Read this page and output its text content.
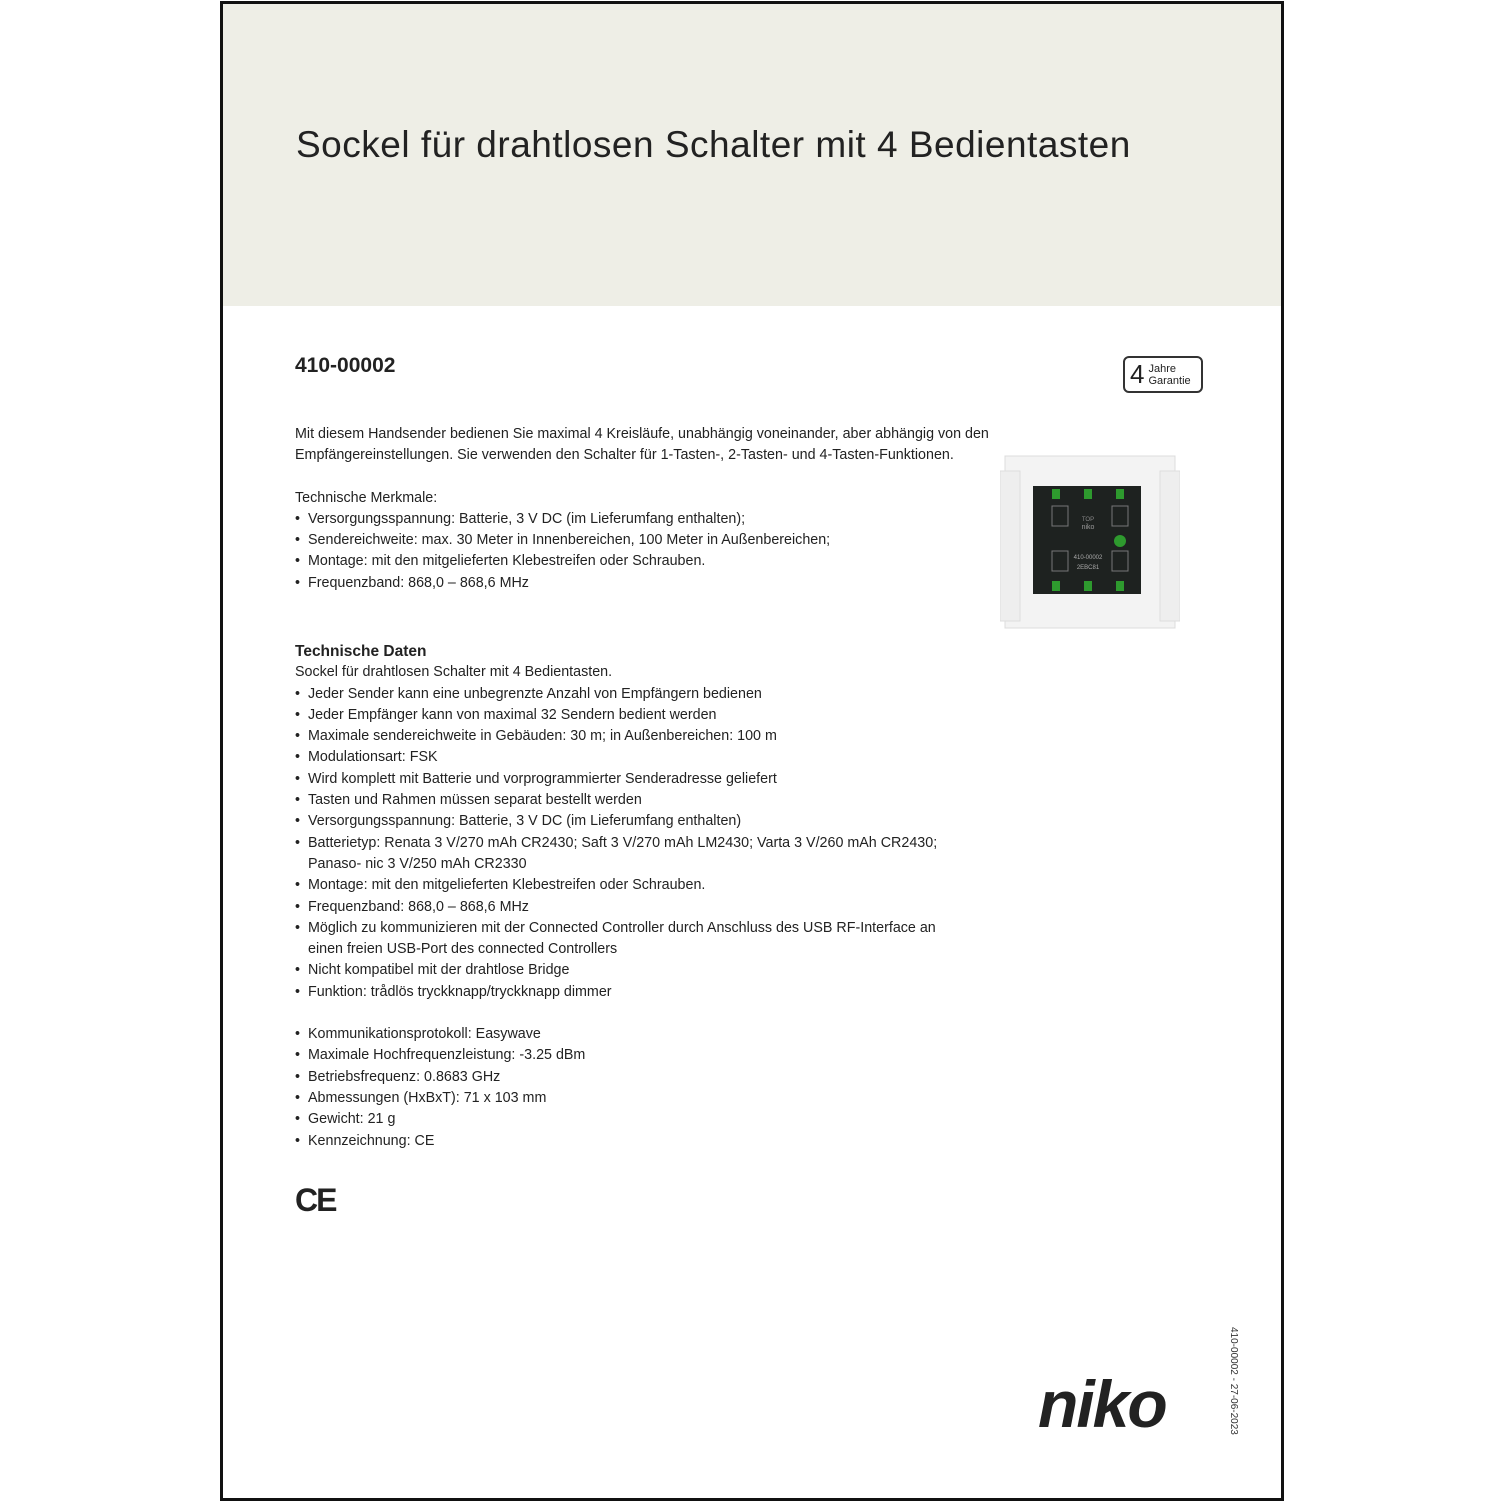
Sockel für drahtlosen Schalter mit 4 Bedientasten
410-00002	4 Jahre
Garantie
TOP
niko
410-00002
2EBC81

Mit diesem Handsender bedienen Sie maximal 4 Kreisläufe, unabhängig voneinander, aber abhängig von den

Empfängereinstellungen. Sie verwenden den Schalter für 1-Tasten-, 2-Tasten- und 4-Tasten-Funktionen.

Technische Merkmale:

• Versorgungsspannung: Batterie, 3 V DC (im Lieferumfang enthalten);
• Sendereichweite: max. 30 Meter in Innenbereichen, 100 Meter in Außenbereichen;
• Montage: mit den mitgelieferten Klebestreifen oder Schrauben.
• Frequenzband: 868,0 – 868,6 MHz

Technische Daten

Sockel für drahtlosen Schalter mit 4 Bedientasten.

• Jeder Sender kann eine unbegrenzte Anzahl von Empfängern bedienen
• Jeder Empfänger kann von maximal 32 Sendern bedient werden
• Maximale sendereichweite in Gebäuden: 30 m; in Außenbereichen: 100 m
• Modulationsart: FSK
• Wird komplett mit Batterie und vorprogrammierter Senderadresse geliefert
• Tasten und Rahmen müssen separat bestellt werden
• Versorgungsspannung: Batterie, 3 V DC (im Lieferumfang enthalten)
• Batterietyp: Renata 3 V/270 mAh CR2430; Saft 3 V/270 mAh LM2430; Varta 3 V/260 mAh CR2430; Panaso- nic 3 V/250 mAh CR2330
• Montage: mit den mitgelieferten Klebestreifen oder Schrauben.
• Frequenzband: 868,0 – 868,6 MHz
• Möglich zu kommunizieren mit der Connected Controller durch Anschluss des USB RF-Interface an einen freien USB-Port des connected Controllers
• Nicht kompatibel mit der drahtlose Bridge
• Funktion: trådlös tryckknapp/tryckknapp dimmer
• Kommunikationsprotokoll: Easywave
• Maximale Hochfrequenzleistung: -3.25 dBm
• Betriebsfrequenz: 0.8683 GHz
• Abmessungen (HxBxT): 71 x 103 mm
• Gewicht: 21 g
• Kennzeichnung: CE
CE
niko	410-00002 - 27-06-2023
